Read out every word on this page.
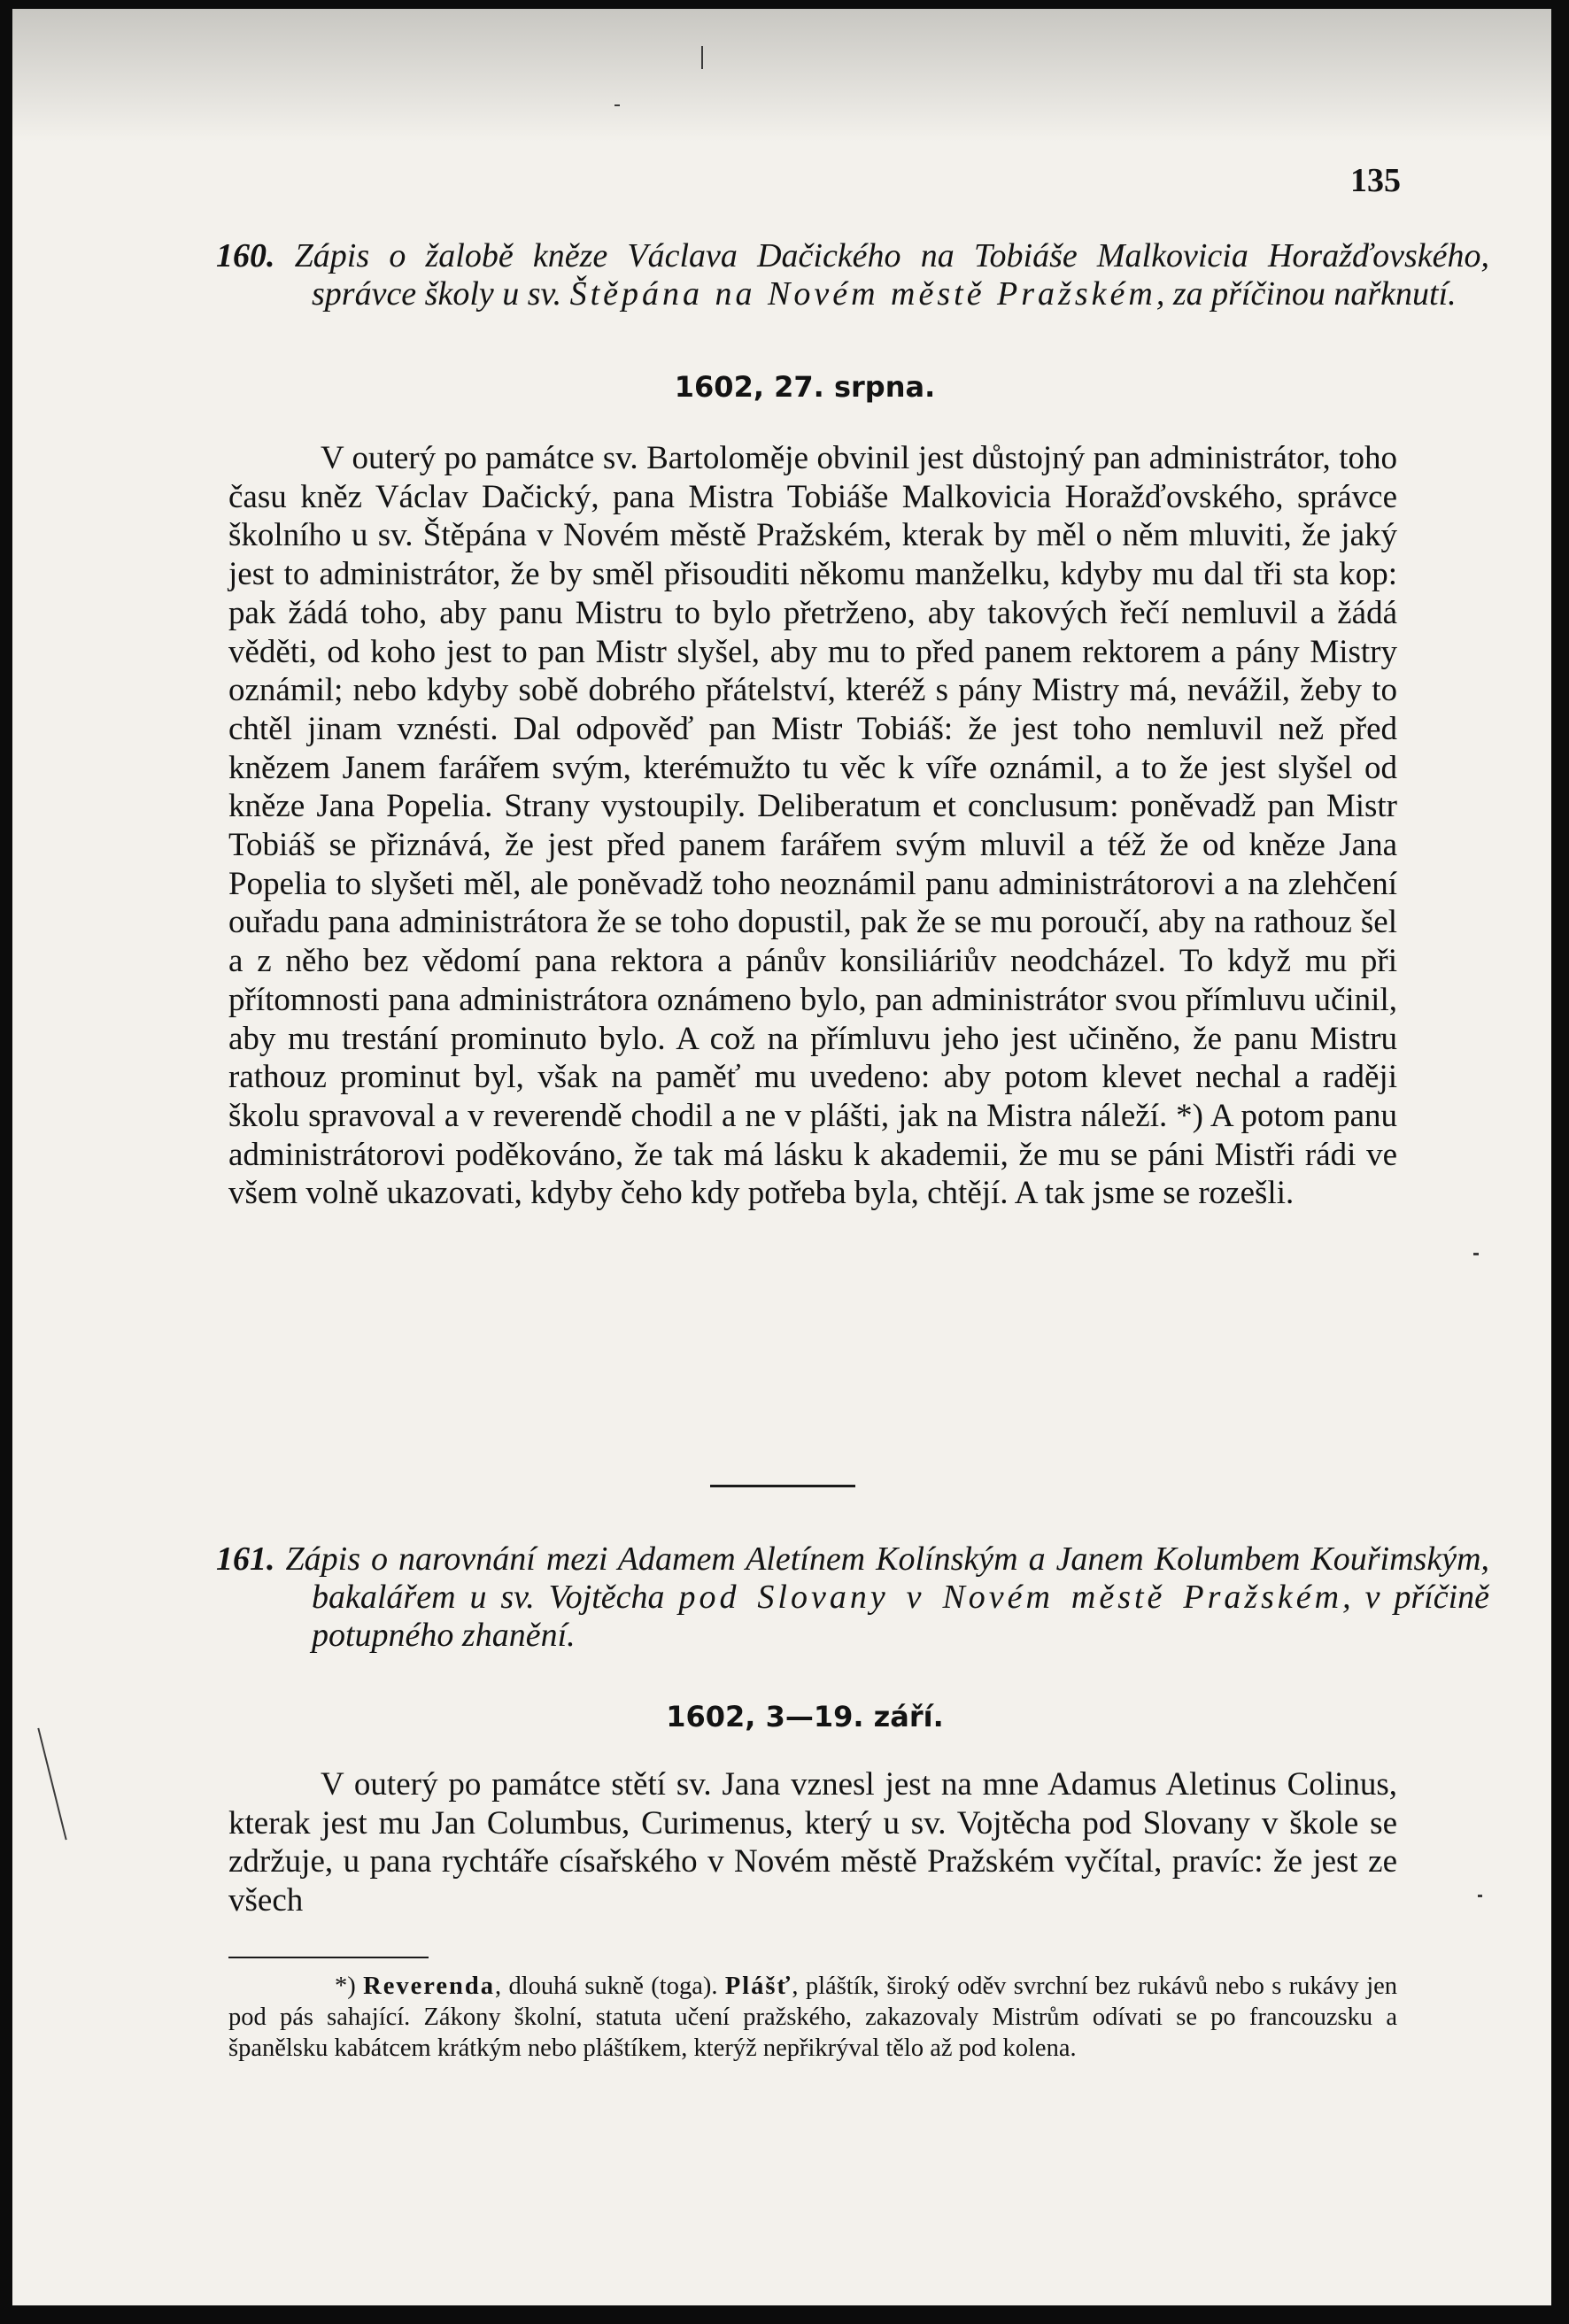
135
160. Zápis o žalobě kněze Václava Dačického na Tobiáše Malkovicia Horažďovského, správce školy u sv. Štěpána na Novém městě Pražském, za příčinou nařknutí.
1602, 27. srpna.

V outerý po památce sv. Bartoloměje obvinil jest důstojný pan administrátor, toho času kněz Václav Dačický, pana Mistra Tobiáše Malkovicia Horažďovského, správce školního u sv. Štěpána v Novém městě Pražském, kterak by měl o něm mluviti, že jaký jest to administrátor, že by směl přisouditi někomu manželku, kdyby mu dal tři sta kop: pak žádá toho, aby panu Mistru to bylo přetrženo, aby takových řečí nemluvil a žádá věděti, od koho jest to pan Mistr slyšel, aby mu to před panem rektorem a pány Mistry oznámil; nebo kdyby sobě dobrého přátelství, kteréž s pány Mistry má, nevážil, žeby to chtěl jinam vznésti. Dal odpověď pan Mistr Tobiáš: že jest toho nemluvil než před knězem Janem farářem svým, kterémužto tu věc k víře oznámil, a to že jest slyšel od kněze Jana Popelia. Strany vystoupily. Deliberatum et conclusum: poněvadž pan Mistr Tobiáš se přiznává, že jest před panem farářem svým mluvil a též že od kněze Jana Popelia to slyšeti měl, ale poněvadž toho neoznámil panu administrátorovi a na zlehčení ouřadu pana administrátora že se toho dopustil, pak že se mu poroučí, aby na rathouz šel a z něho bez vědomí pana rektora a pánův konsiliáriův neodcházel. To když mu při přítomnosti pana administrátora oznámeno bylo, pan administrátor svou přímluvu učinil, aby mu trestání prominuto bylo. A což na přímluvu jeho jest učiněno, že panu Mistru rathouz prominut byl, však na paměť mu uvedeno: aby potom klevet nechal a raději školu spravoval a v reverendě chodil a ne v plášti, jak na Mistra náleží. *) A potom panu administrátorovi poděkováno, že tak má lásku k akademii, že mu se páni Mistři rádi ve všem volně ukazovati, kdyby čeho kdy potřeba byla, chtějí. A tak jsme se rozešli.

161. Zápis o narovnání mezi Adamem Aletínem Kolínským a Janem Kolumbem Kouřimským, bakalářem u sv. Vojtěcha pod Slovany v Novém městě Pražském, v příčině potupného zhanění.
1602, 3—19. září.

V outerý po památce stětí sv. Jana vznesl jest na mne Adamus Aletinus Colinus, kterak jest mu Jan Columbus, Curimenus, který u sv. Vojtěcha pod Slovany v škole se zdržuje, u pana rychtáře císařského v Novém městě Pražském vyčítal, pravíc: že jest ze všech

*) Reverenda, dlouhá sukně (toga). Plášť, pláštík, široký oděv svrchní bez rukávů nebo s rukávy jen pod pás sahající. Zákony školní, statuta učení pražského, zakazovaly Mistrům odívati se po francouzsku a španělsku kabátcem krátkým nebo pláštíkem, kterýž nepřikrýval tělo až pod kolena.
